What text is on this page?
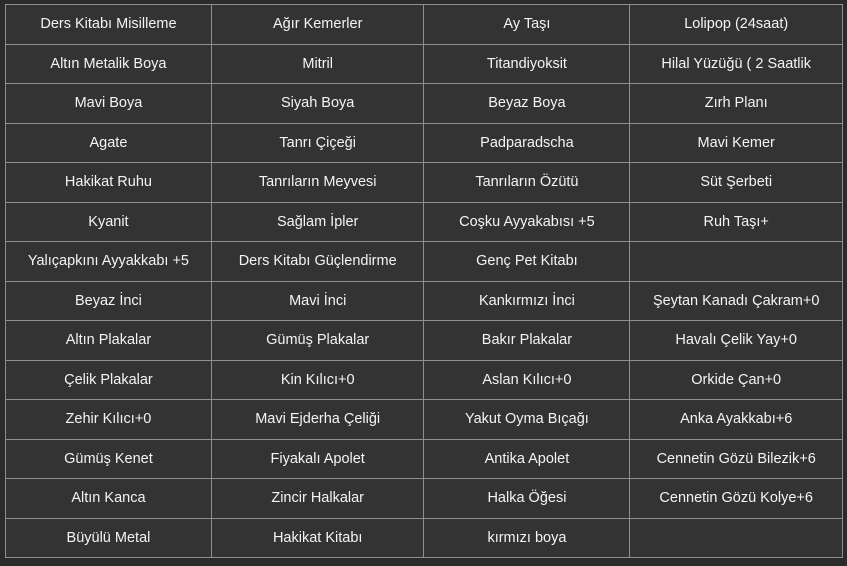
Ders Kitabı Misilleme	Ağır Kemerler	Ay Taşı	Lolipop (24saat)
Altın Metalik Boya	Mitril	Titandiyoksit	Hilal Yüzüğü ( 2 Saatlik
Mavi Boya	Siyah Boya	Beyaz Boya	Zırh Planı
Agate	Tanrı Çiçeği	Padparadscha	Mavi Kemer
Hakikat Ruhu	Tanrıların Meyvesi	Tanrıların Özütü	Süt Şerbeti
Kyanit	Sağlam İpler	Coşku Ayyakabısı +5	Ruh Taşı+
Yalıçapkını Ayyakkabı +5	Ders Kitabı Güçlendirme	Genç Pet Kitabı	
Beyaz İnci	Mavi İnci	Kankırmızı İnci	Şeytan Kanadı Çakram+0
Altın Plakalar	Gümüş Plakalar	Bakır Plakalar	Havalı Çelik Yay+0
Çelik Plakalar	Kin Kılıcı+0	Aslan Kılıcı+0	Orkide Çan+0
Zehir Kılıcı+0	Mavi Ejderha Çeliği	Yakut Oyma Bıçağı	Anka Ayakkabı+6
Gümüş Kenet	Fiyakalı Apolet	Antika Apolet	Cennetin Gözü Bilezik+6
Altın Kanca	Zincir Halkalar	Halka Öğesi	Cennetin Gözü Kolye+6
Büyülü Metal	Hakikat Kitabı	kırmızı boya	
